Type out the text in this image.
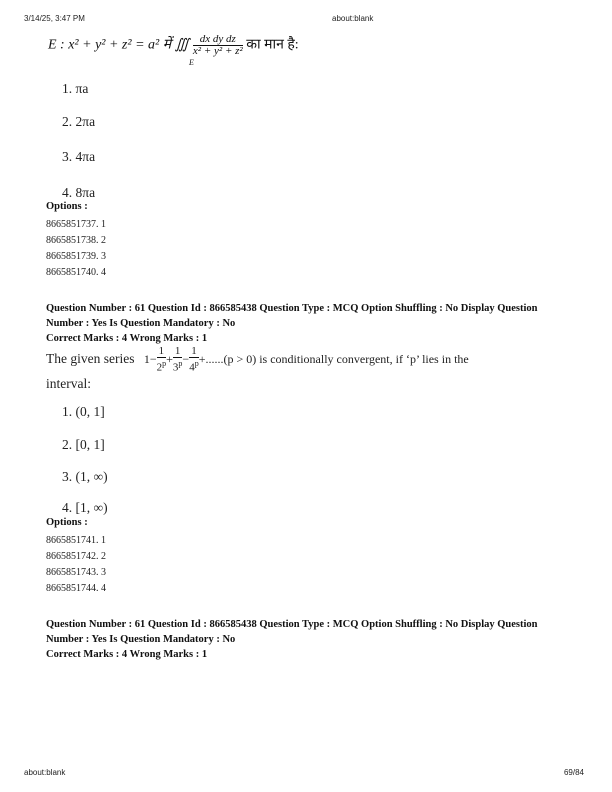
3/14/25, 3:47 PM	about:blank
E : x² + y² + z² = a² में ∭ $\frac{\text{dx dy dz}}{\text{x² + y² + z²}}$ का मान है:
E
1. πa
2. 2πa
3. 4πa
4. 8πa
Options :
8665851737. 1
8665851738. 2
8665851739. 3
8665851740. 4
Question Number : 61 Question Id : 866585438 Question Type : MCQ Option Shuffling : No Display Question
Number : Yes Is Question Mandatory : No
Correct Marks : 4 Wrong Marks : 1
The given series $1- \frac{1}{2^p} + \frac{1}{3^p} - \frac{1}{4^p} +......(p > 0)$ is conditionally convergent, if ‘p’ lies in the
interval:
1. (0, 1]
2. [0, 1]
3. (1, ∞)
4. [1, ∞)
Options :
8665851741. 1
8665851742. 2
8665851743. 3
8665851744. 4
Question Number : 61 Question Id : 866585438 Question Type : MCQ Option Shuffling : No Display Question
Number : Yes Is Question Mandatory : No
Correct Marks : 4 Wrong Marks : 1
about:blank	69/84
